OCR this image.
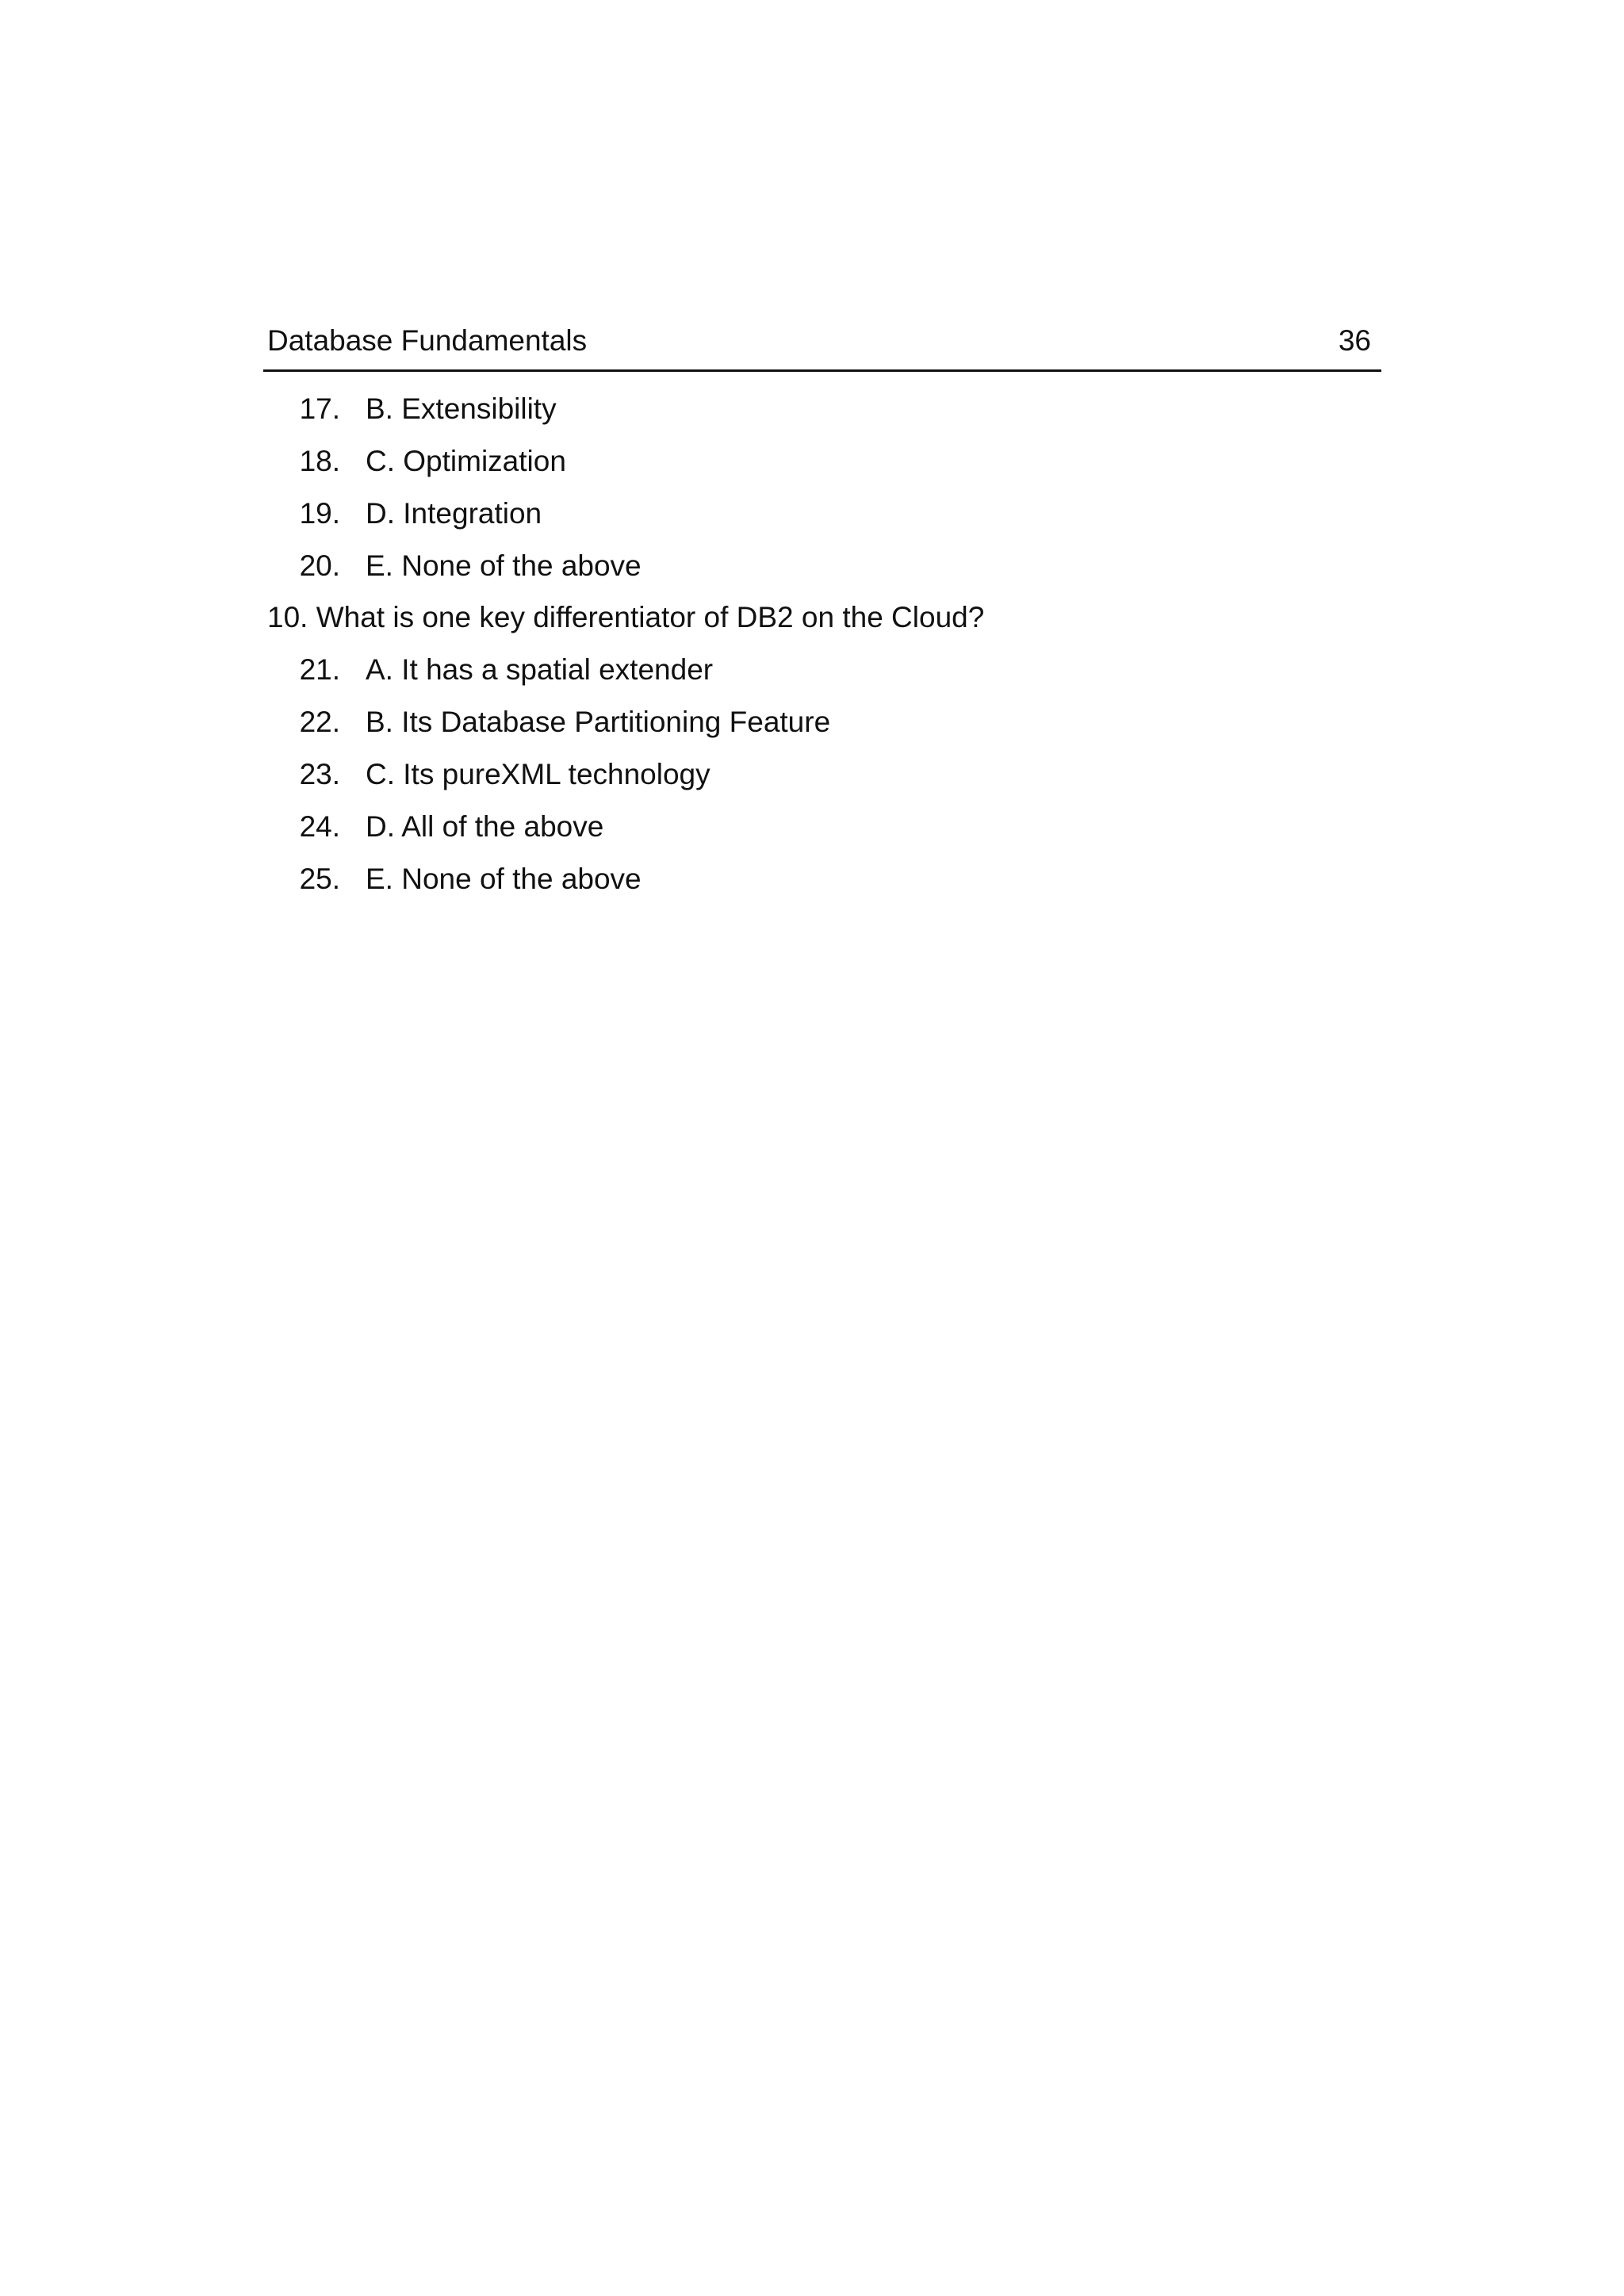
Database Fundamentals	36
17. B. Extensibility
18. C. Optimization
19. D. Integration
20. E. None of the above
10. What is one key differentiator of DB2 on the Cloud?
21. A. It has a spatial extender
22. B. Its Database Partitioning Feature
23. C. Its pureXML technology
24. D. All of the above
25. E. None of the above
